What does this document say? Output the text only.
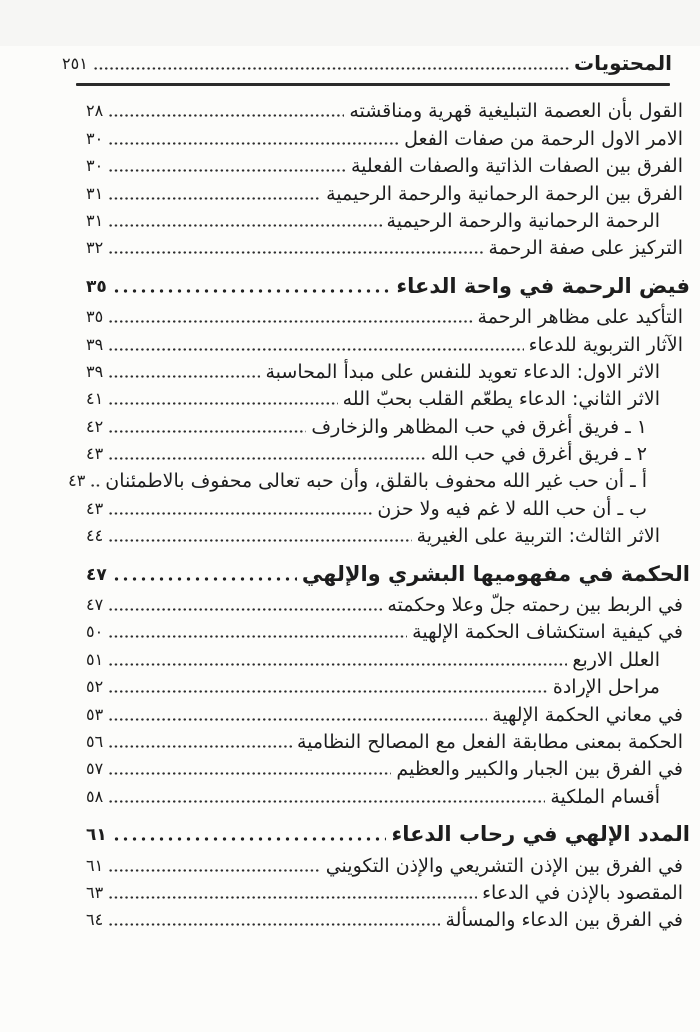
المحتويات
٢٥١
القول بأن العصمة التبليغية قهرية ومناقشته
٢٨
الامر الاول الرحمة من صفات الفعل
٣٠
الفرق بين الصفات الذاتية والصفات الفعلية
٣٠
الفرق بين الرحمة الرحمانية والرحمة الرحيمية
٣١
الرحمة الرحمانية والرحمة الرحيمية
٣١
التركيز على صفة الرحمة
٣٢
فيض الرحمة في واحة الدعاء
٣٥
التأكيد على مظاهر الرحمة
٣٥
الآثار التربوية للدعاء
٣٩
الاثر الاول: الدعاء تعويد للنفس على مبدأ المحاسبة
٣٩
الاثر الثاني: الدعاء يطعّم القلب بحبّ الله
٤١
١ ـ فريق أغرق في حب المظاهر والزخارف
٤٢
٢ ـ فريق أغرق في حب الله
٤٣
أ ـ أن حب غير الله محفوف بالقلق، وأن حبه تعالى محفوف بالاطمئنان
٤٣
ب ـ أن حب الله لا غم فيه ولا حزن
٤٣
الاثر الثالث: التربية على الغيرية
٤٤
الحكمة في مفهوميها البشري والإلهي
٤٧
في الربط بين رحمته جلّ وعلا وحكمته
٤٧
في كيفية استكشاف الحكمة الإلهية
٥٠
العلل الاربع
٥١
مراحل الإرادة
٥٢
في معاني الحكمة الإلهية
٥٣
الحكمة بمعنى مطابقة الفعل مع المصالح النظامية
٥٦
في الفرق بين الجبار والكبير والعظيم
٥٧
أقسام الملكية
٥٨
المدد الإلهي في رحاب الدعاء
٦١
في الفرق بين الإذن التشريعي والإذن التكويني
٦١
المقصود بالإذن في الدعاء
٦٣
في الفرق بين الدعاء والمسألة
٦٤
